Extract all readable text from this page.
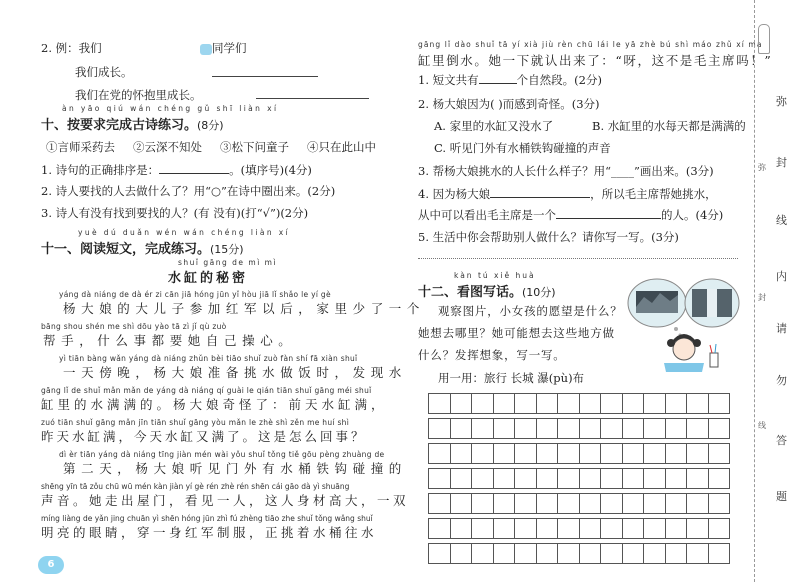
2. 例：我们	同学们
我们成长。
我们在党的怀抱里成长。
àn yāo qiú wán chéng gǔ shī liàn xí
十、按要求完成古诗练习。(8分)
①言师采药去 ②云深不知处 ③松下问童子 ④只在此山中
1. 诗句的正确排序是：	。(填序号)(4分)
2. 诗人要找的人去做什么了？用“○”在诗中圈出来。(2分)
3. 诗人有没有找到要找的人？(有 没有)(打“√”)(2分)
yuè dú duǎn wén wán chéng liàn xí
十一、阅读短文，完成练习。(15分)
shuǐ gāng de mì mì
水缸的秘密
yáng dà niáng de dà ér zi cān jiā hóng jūn yǐ hòu jiā lǐ shǎo le yí gè
杨大娘的大儿子参加红军以后，家里少了一个
bāng shou shén me shì dōu yào tā zì jǐ qù zuò
帮手，什么事都要她自己操心。
yì tiān bàng wǎn yáng dà niáng zhǔn bèi tiāo shuǐ zuò fàn shí fā xiàn shuǐ
一天傍晚，杨大娘准备挑水做饭时，发现水
gāng lǐ de shuǐ mǎn mǎn de yáng dà niáng qí guài le qián tiān shuǐ gāng méi shuǐ
缸里的水满满的。杨大娘奇怪了：前天水缸满，
zuó tiān shuǐ gāng mǎn jīn tiān shuǐ gāng yòu mǎn le zhè shì zěn me huí shì
昨天水缸满，今天水缸又满了。这是怎么回事？
dì èr tiān yáng dà niáng tīng jiàn mén wài yǒu shuǐ tǒng tiě gōu pèng zhuàng de
第二天，杨大娘听见门外有水桶铁钩碰撞的
shēng yīn tā zǒu chū wū mén kàn jiàn yí gè rén zhè rén shēn cái gāo dà yì shuāng
声音。她走出屋门，看见一人，这人身材高大，一双
míng liàng de yǎn jing chuān yì shēn hóng jūn zhì fú zhèng tiāo zhe shuǐ tǒng wǎng shuǐ
明亮的眼睛，穿一身红军制服，正挑着水桶往水
6
gāng lǐ dào shuǐ tā yí xià jiù rèn chū lái le yā zhè bú shì máo zhǔ xí ma
缸里倒水。她一下就认出来了：“呀，这不是毛主席吗！”
1. 短文共有	个自然段。(2分)
2. 杨大娘因为( )而感到奇怪。(3分)
A. 家里的水缸又没水了	B. 水缸里的水每天都是满满的
C. 听见门外有水桶铁钩碰撞的声音
3. 帮杨大娘挑水的人长什么样子？用“____”画出来。(3分)
4. 因为杨大娘	，所以毛主席帮她挑水，
从中可以看出毛主席是一个	的人。(4分)
5. 生活中你会帮助别人做什么？请你写一写。(3分)
kàn tú xiě huà
十二、看图写话。(10分)
观察图片，小女孩的愿望是什么？
她想去哪里？她可能想去这些地方做
什么？发挥想象，写一写。
用一用：旅行 长城 瀑(pù)布

弥
封
线
内
请
勿
答
题
弥
封
线
